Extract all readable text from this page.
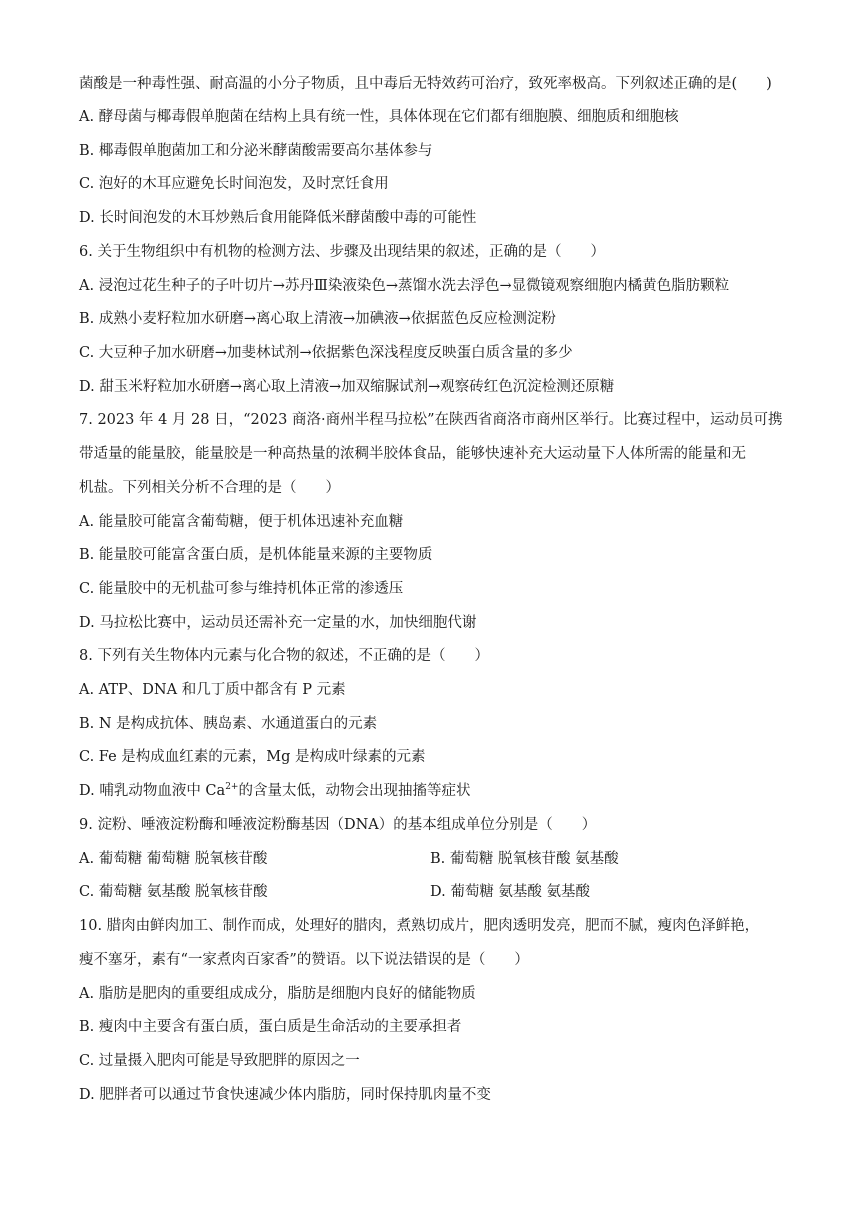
菌酸是一种毒性强、耐高温的小分子物质，且中毒后无特效药可治疗，致死率极高。下列叙述正确的是(　　)
A. 酵母菌与椰毒假单胞菌在结构上具有统一性，具体体现在它们都有细胞膜、细胞质和细胞核
B. 椰毒假单胞菌加工和分泌米酵菌酸需要高尔基体参与
C. 泡好的木耳应避免长时间泡发，及时烹饪食用
D. 长时间泡发的木耳炒熟后食用能降低米酵菌酸中毒的可能性
6. 关于生物组织中有机物的检测方法、步骤及出现结果的叙述，正确的是（　　）
A. 浸泡过花生种子的子叶切片→苏丹Ⅲ染液染色→蒸馏水洗去浮色→显微镜观察细胞内橘黄色脂肪颗粒
B. 成熟小麦籽粒加水研磨→离心取上清液→加碘液→依据蓝色反应检测淀粉
C. 大豆种子加水研磨→加斐林试剂→依据紫色深浅程度反映蛋白质含量的多少
D. 甜玉米籽粒加水研磨→离心取上清液→加双缩脲试剂→观察砖红色沉淀检测还原糖
7. 2023 年 4 月 28 日，“2023 商洛·商州半程马拉松”在陕西省商洛市商州区举行。比赛过程中，运动员可携
带适量的能量胶，能量胶是一种高热量的浓稠半胶体食品，能够快速补充大运动量下人体所需的能量和无
机盐。下列相关分析不合理的是（　　）
A. 能量胶可能富含葡萄糖，便于机体迅速补充血糖
B. 能量胶可能富含蛋白质，是机体能量来源的主要物质
C. 能量胶中的无机盐可参与维持机体正常的渗透压
D. 马拉松比赛中，运动员还需补充一定量的水，加快细胞代谢
8. 下列有关生物体内元素与化合物的叙述，不正确的是（　　）
A. ATP、DNA 和几丁质中都含有 P 元素
B. N 是构成抗体、胰岛素、水通道蛋白的元素
C. Fe 是构成血红素的元素，Mg 是构成叶绿素的元素
D. 哺乳动物血液中 $Ca^{2+}$的含量太低，动物会出现抽搐等症状
9. 淀粉、唾液淀粉酶和唾液淀粉酶基因（DNA）的基本组成单位分别是（　　）
A. 葡萄糖 葡萄糖 脱氧核苷酸	B. 葡萄糖 脱氧核苷酸 氨基酸
C. 葡萄糖 氨基酸 脱氧核苷酸	D. 葡萄糖 氨基酸 氨基酸
10. 腊肉由鲜肉加工、制作而成，处理好的腊肉，煮熟切成片，肥肉透明发亮，肥而不腻，瘦肉色泽鲜艳，
瘦不塞牙，素有“一家煮肉百家香”的赞语。以下说法错误的是（　　）
A. 脂肪是肥肉的重要组成成分，脂肪是细胞内良好的储能物质
B. 瘦肉中主要含有蛋白质，蛋白质是生命活动的主要承担者
C. 过量摄入肥肉可能是导致肥胖的原因之一
D. 肥胖者可以通过节食快速减少体内脂肪，同时保持肌肉量不变
